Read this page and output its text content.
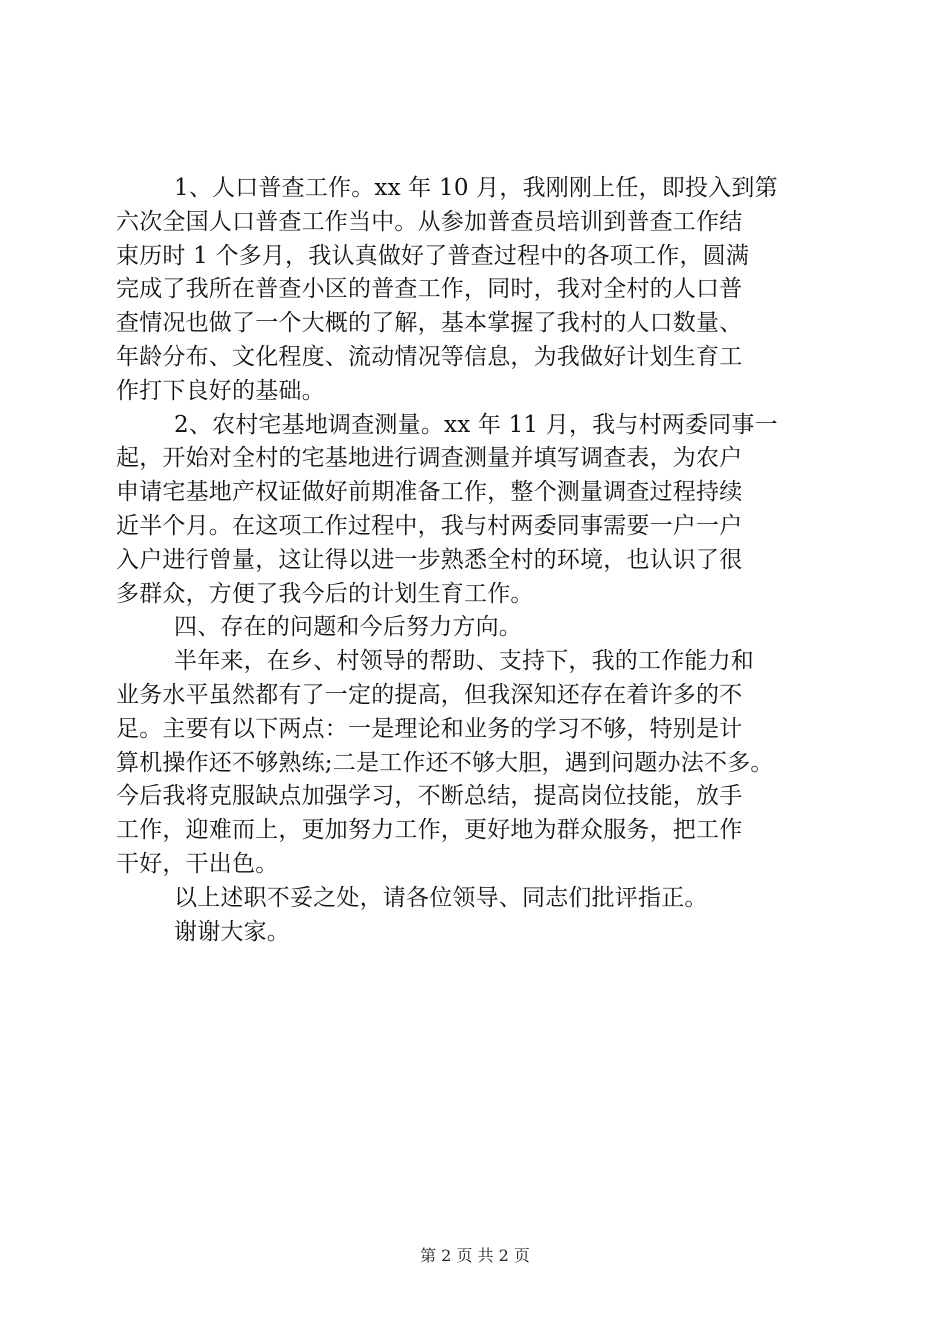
1、人口普查工作。xx 年 10 月，我刚刚上任，即投入到第
六次全国人口普查工作当中。从参加普查员培训到普查工作结
束历时 1 个多月，我认真做好了普查过程中的各项工作，圆满
完成了我所在普查小区的普查工作，同时，我对全村的人口普
查情况也做了一个大概的了解，基本掌握了我村的人口数量、
年龄分布、文化程度、流动情况等信息，为我做好计划生育工
作打下良好的基础。
2、农村宅基地调查测量。xx 年 11 月，我与村两委同事一
起，开始对全村的宅基地进行调查测量并填写调查表，为农户
申请宅基地产权证做好前期准备工作，整个测量调查过程持续
近半个月。在这项工作过程中，我与村两委同事需要一户一户
入户进行曾量，这让得以进一步熟悉全村的环境，也认识了很
多群众，方便了我今后的计划生育工作。
四、存在的问题和今后努力方向。
半年来，在乡、村领导的帮助、支持下，我的工作能力和
业务水平虽然都有了一定的提高，但我深知还存在着许多的不
足。主要有以下两点：一是理论和业务的学习不够，特别是计
算机操作还不够熟练;二是工作还不够大胆，遇到问题办法不多。
今后我将克服缺点加强学习，不断总结，提高岗位技能，放手
工作，迎难而上，更加努力工作，更好地为群众服务，把工作
干好，干出色。
以上述职不妥之处，请各位领导、同志们批评指正。
谢谢大家。
第 2 页 共 2 页
